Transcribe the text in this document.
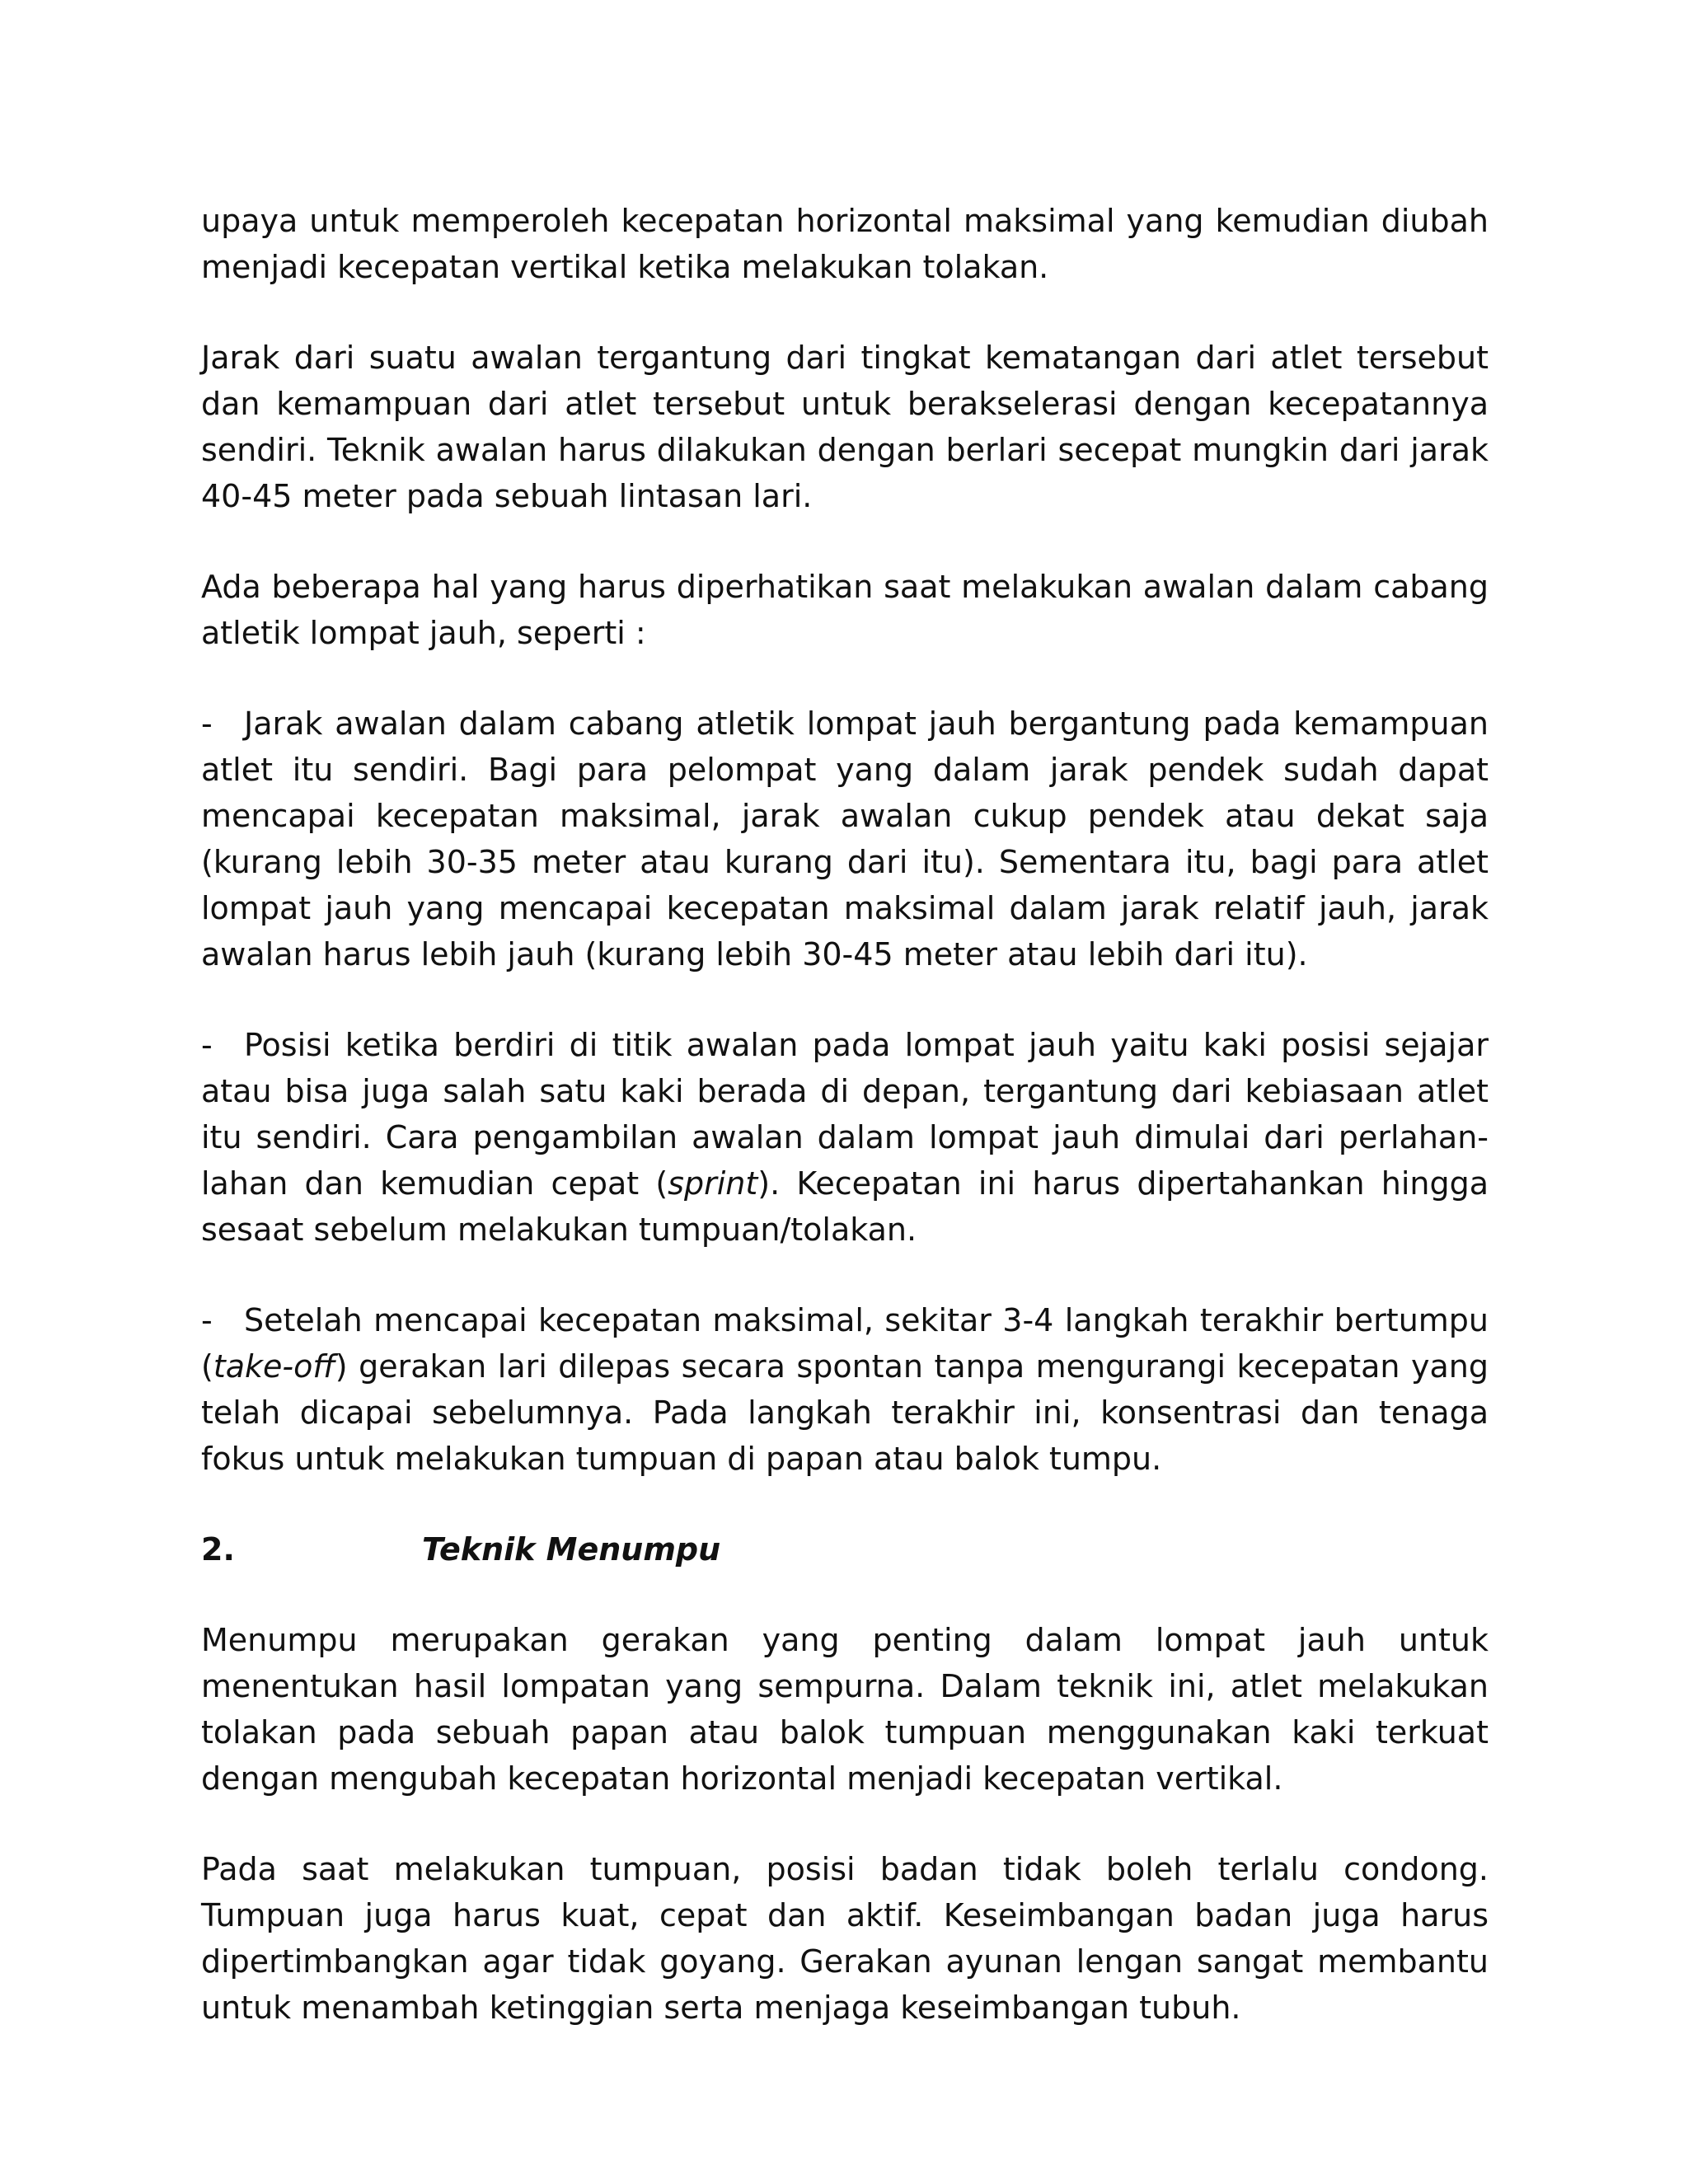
upaya untuk memperoleh kecepatan horizontal maksimal yang kemudian diubah menjadi kecepatan vertikal ketika melakukan tolakan.

Jarak dari suatu awalan tergantung dari tingkat kematangan dari atlet tersebut dan kemampuan dari atlet tersebut untuk berakselerasi dengan kecepatannya sendiri. Teknik awalan harus dilakukan dengan berlari secepat mungkin dari jarak 40-45 meter pada sebuah lintasan lari.

Ada beberapa hal yang harus diperhatikan saat melakukan awalan dalam cabang atletik lompat jauh, seperti :

- Jarak awalan dalam cabang atletik lompat jauh bergantung pada kemampuan atlet itu sendiri. Bagi para pelompat yang dalam jarak pendek sudah dapat mencapai kecepatan maksimal, jarak awalan cukup pendek atau dekat saja (kurang lebih 30-35 meter atau kurang dari itu). Sementara itu, bagi para atlet lompat jauh yang mencapai kecepatan maksimal dalam jarak relatif jauh, jarak awalan harus lebih jauh (kurang lebih 30-45 meter atau lebih dari itu).

- Posisi ketika berdiri di titik awalan pada lompat jauh yaitu kaki posisi sejajar atau bisa juga salah satu kaki berada di depan, tergantung dari kebiasaan atlet itu sendiri. Cara pengambilan awalan dalam lompat jauh dimulai dari perlahan-lahan dan kemudian cepat (sprint). Kecepatan ini harus dipertahankan hingga sesaat sebelum melakukan tumpuan/tolakan.

- Setelah mencapai kecepatan maksimal, sekitar 3-4 langkah terakhir bertumpu (take-off) gerakan lari dilepas secara spontan tanpa mengurangi kecepatan yang telah dicapai sebelumnya. Pada langkah terakhir ini, konsentrasi dan tenaga fokus untuk melakukan tumpuan di papan atau balok tumpu.

2.	Teknik Menumpu

Menumpu merupakan gerakan yang penting dalam lompat jauh untuk menentukan hasil lompatan yang sempurna. Dalam teknik ini, atlet melakukan tolakan pada sebuah papan atau balok tumpuan menggunakan kaki terkuat dengan mengubah kecepatan horizontal menjadi kecepatan vertikal.

Pada saat melakukan tumpuan, posisi badan tidak boleh terlalu condong. Tumpuan juga harus kuat, cepat dan aktif. Keseimbangan badan juga harus dipertimbangkan agar tidak goyang. Gerakan ayunan lengan sangat membantu untuk menambah ketinggian serta menjaga keseimbangan tubuh.
